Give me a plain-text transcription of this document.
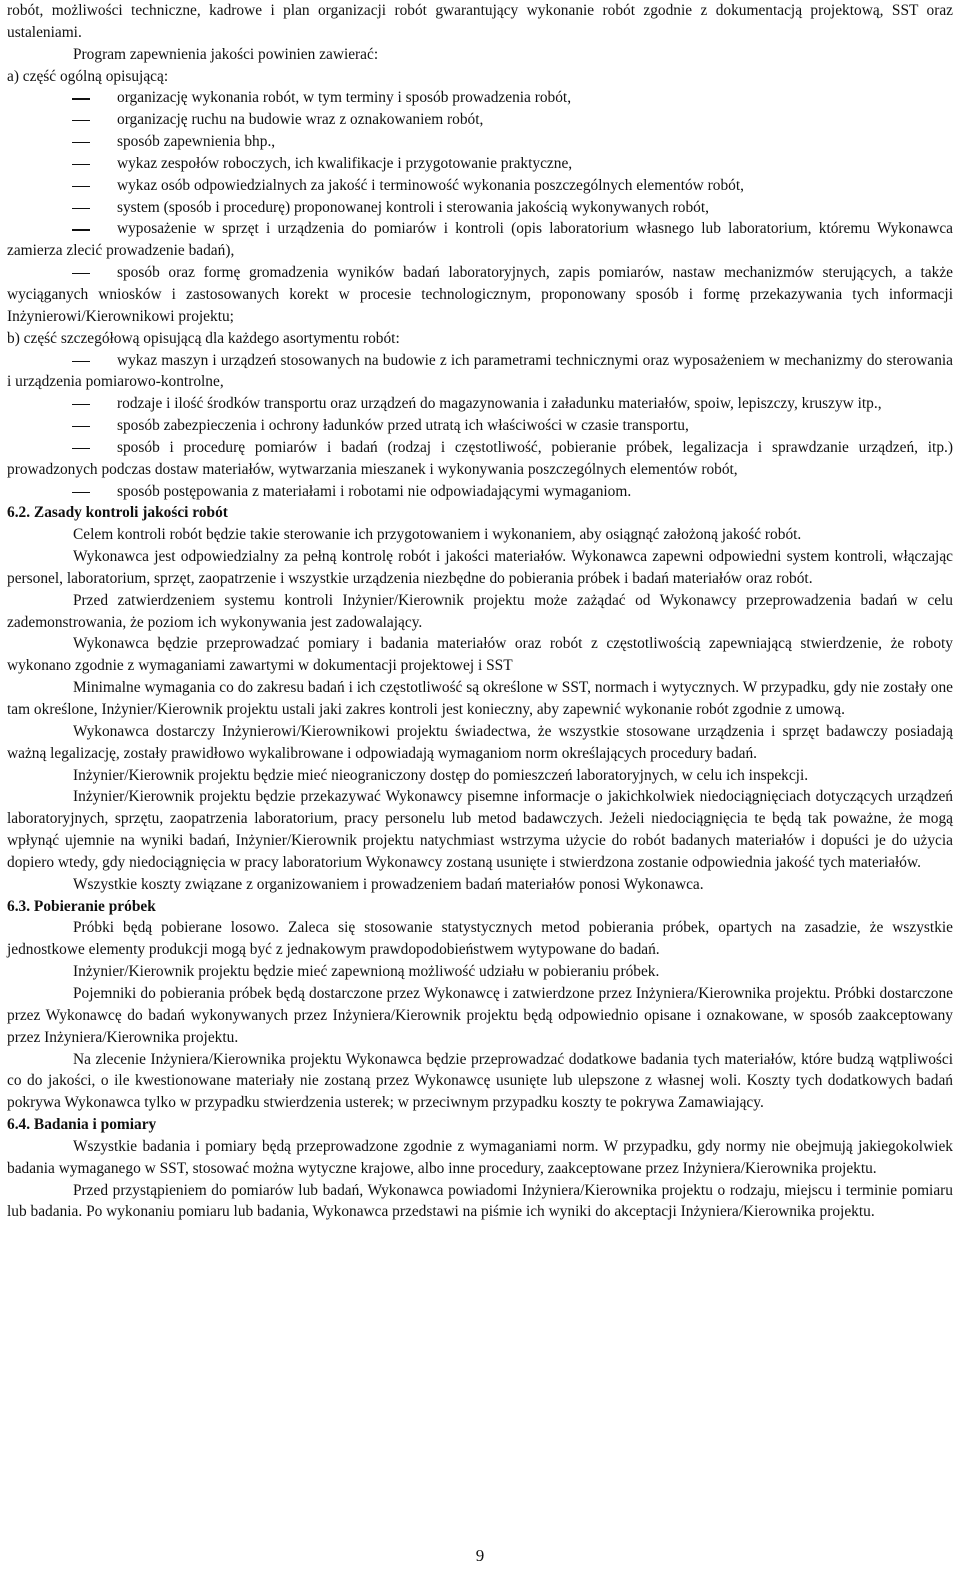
robót, możliwości techniczne, kadrowe i plan organizacji robót gwarantujący wykonanie robót zgodnie z dokumentacją projektową, SST oraz ustaleniami.

Program zapewnienia jakości powinien zawierać:

a) część ogólną opisującą:

organizację wykonania robót, w tym terminy i sposób prowadzenia robót,

organizację ruchu na budowie wraz z oznakowaniem robót,

sposób zapewnienia bhp.,

wykaz zespołów roboczych, ich kwalifikacje i przygotowanie praktyczne,

wykaz osób odpowiedzialnych za jakość i terminowość wykonania poszczególnych elementów robót,

system (sposób i procedurę) proponowanej kontroli i sterowania jakością wykonywanych robót,

wyposażenie w sprzęt i urządzenia do pomiarów i kontroli (opis laboratorium własnego lub laboratorium, któremu Wykonawca zamierza zlecić prowadzenie badań),

sposób oraz formę gromadzenia wyników badań laboratoryjnych, zapis pomiarów, nastaw mechanizmów sterujących, a także wyciąganych wniosków i zastosowanych korekt w procesie technologicznym, proponowany sposób i formę przekazywania tych informacji Inżynierowi/Kierownikowi projektu;

b) część szczegółową opisującą dla każdego asortymentu robót:

wykaz maszyn i urządzeń stosowanych na budowie z ich parametrami technicznymi oraz wyposażeniem w mechanizmy do sterowania i urządzenia pomiarowo-kontrolne,

rodzaje i ilość środków transportu oraz urządzeń do magazynowania i załadunku materiałów, spoiw, lepiszczy, kruszyw itp.,

sposób zabezpieczenia i ochrony ładunków przed utratą ich właściwości w czasie transportu,

sposób i procedurę pomiarów i badań (rodzaj i częstotliwość, pobieranie próbek, legalizacja i sprawdzanie urządzeń, itp.) prowadzonych podczas dostaw materiałów, wytwarzania mieszanek i wykonywania poszczególnych elementów robót,

sposób postępowania z materiałami i robotami nie odpowiadającymi wymaganiom.

6.2. Zasady kontroli jakości robót

Celem kontroli robót będzie takie sterowanie ich przygotowaniem i wykonaniem, aby osiągnąć założoną jakość robót.

Wykonawca jest odpowiedzialny za pełną kontrolę robót i jakości materiałów. Wykonawca zapewni odpowiedni system kontroli, włączając personel, laboratorium, sprzęt, zaopatrzenie i wszystkie urządzenia niezbędne do pobierania próbek i badań materiałów oraz robót.

Przed zatwierdzeniem systemu kontroli Inżynier/Kierownik projektu może zażądać od Wykonawcy przeprowadzenia badań w celu zademonstrowania, że poziom ich wykonywania jest zadowalający.

Wykonawca będzie przeprowadzać pomiary i badania materiałów oraz robót z częstotliwością zapewniającą stwierdzenie, że roboty wykonano zgodnie z wymaganiami zawartymi w dokumentacji projektowej i SST

Minimalne wymagania co do zakresu badań i ich częstotliwość są określone w SST, normach i wytycznych. W przypadku, gdy nie zostały one tam określone, Inżynier/Kierownik projektu ustali jaki zakres kontroli jest konieczny, aby zapewnić wykonanie robót zgodnie z umową.

Wykonawca dostarczy Inżynierowi/Kierownikowi projektu świadectwa, że wszystkie stosowane urządzenia i sprzęt badawczy posiadają ważną legalizację, zostały prawidłowo wykalibrowane i odpowiadają wymaganiom norm określających procedury badań.

Inżynier/Kierownik projektu będzie mieć nieograniczony dostęp do pomieszczeń laboratoryjnych, w celu ich inspekcji.

Inżynier/Kierownik projektu będzie przekazywać Wykonawcy pisemne informacje o jakichkolwiek niedociągnięciach dotyczących urządzeń laboratoryjnych, sprzętu, zaopatrzenia laboratorium, pracy personelu lub metod badawczych. Jeżeli niedociągnięcia te będą tak poważne, że mogą wpłynąć ujemnie na wyniki badań, Inżynier/Kierownik projektu natychmiast wstrzyma użycie do robót badanych materiałów i dopuści je do użycia dopiero wtedy, gdy niedociągnięcia w pracy laboratorium Wykonawcy zostaną usunięte i stwierdzona zostanie odpowiednia jakość tych materiałów.

Wszystkie koszty związane z organizowaniem i prowadzeniem badań materiałów ponosi Wykonawca.

6.3. Pobieranie próbek

Próbki będą pobierane losowo. Zaleca się stosowanie statystycznych metod pobierania próbek, opartych na zasadzie, że wszystkie jednostkowe elementy produkcji mogą być z jednakowym prawdopodobieństwem wytypowane do badań.

Inżynier/Kierownik projektu będzie mieć zapewnioną możliwość udziału w pobieraniu próbek.

Pojemniki do pobierania próbek będą dostarczone przez Wykonawcę i zatwierdzone przez Inżyniera/Kierownika projektu. Próbki dostarczone przez Wykonawcę do badań wykonywanych przez Inżyniera/Kierownik projektu będą odpowiednio opisane i oznakowane, w sposób zaakceptowany przez Inżyniera/Kierownika projektu.

Na zlecenie Inżyniera/Kierownika projektu Wykonawca będzie przeprowadzać dodatkowe badania tych materiałów, które budzą wątpliwości co do jakości, o ile kwestionowane materiały nie zostaną przez Wykonawcę usunięte lub ulepszone z własnej woli. Koszty tych dodatkowych badań pokrywa Wykonawca tylko w przypadku stwierdzenia usterek; w przeciwnym przypadku koszty te pokrywa Zamawiający.

6.4. Badania i pomiary

Wszystkie badania i pomiary będą przeprowadzone zgodnie z wymaganiami norm. W przypadku, gdy normy nie obejmują jakiegokolwiek badania wymaganego w SST, stosować można wytyczne krajowe, albo inne procedury, zaakceptowane przez Inżyniera/Kierownika projektu.

Przed przystąpieniem do pomiarów lub badań, Wykonawca powiadomi Inżyniera/Kierownika projektu o rodzaju, miejscu i terminie pomiaru lub badania. Po wykonaniu pomiaru lub badania, Wykonawca przedstawi na piśmie ich wyniki do akceptacji Inżyniera/Kierownika projektu.

9
